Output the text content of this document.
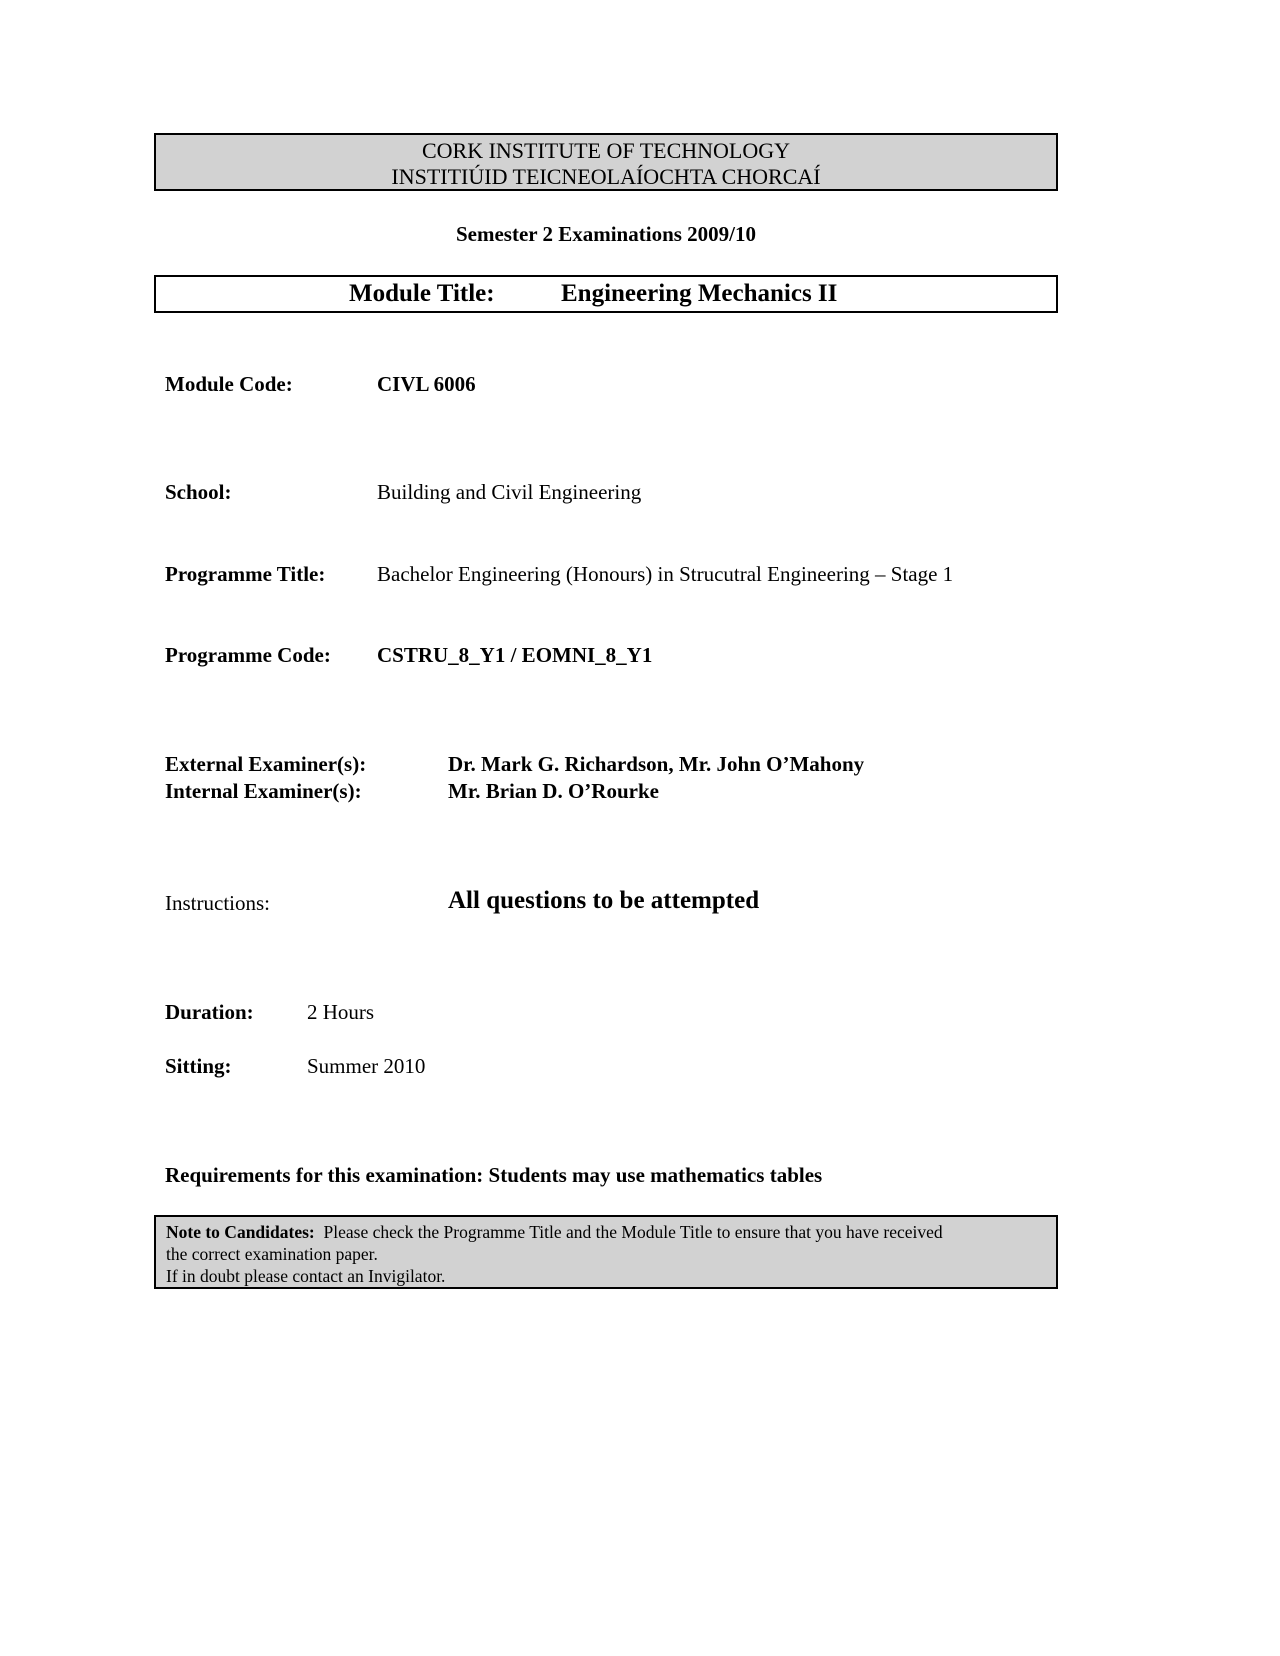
CORK INSTITUTE OF TECHNOLOGY
INSTITIÚID TEICNEOLAÍOCHTA CHORCAÍ
Semester 2 Examinations 2009/10
Module Title:	Engineering Mechanics II
Module Code:	CIVL 6006
School:	Building and Civil Engineering
Programme Title: Bachelor Engineering (Honours) in Strucutral Engineering – Stage 1
Programme Code: CSTRU_8_Y1 / EOMNI_8_Y1
External Examiner(s):	Dr. Mark G. Richardson, Mr. John O’Mahony
Internal Examiner(s):	Mr. Brian D. O’Rourke
Instructions:	All questions to be attempted
Duration:	2 Hours
Sitting:	Summer 2010
Requirements for this examination: Students may use mathematics tables
Note to Candidates:  Please check the Programme Title and the Module Title to ensure that you have received
the correct examination paper.
If in doubt please contact an Invigilator.
